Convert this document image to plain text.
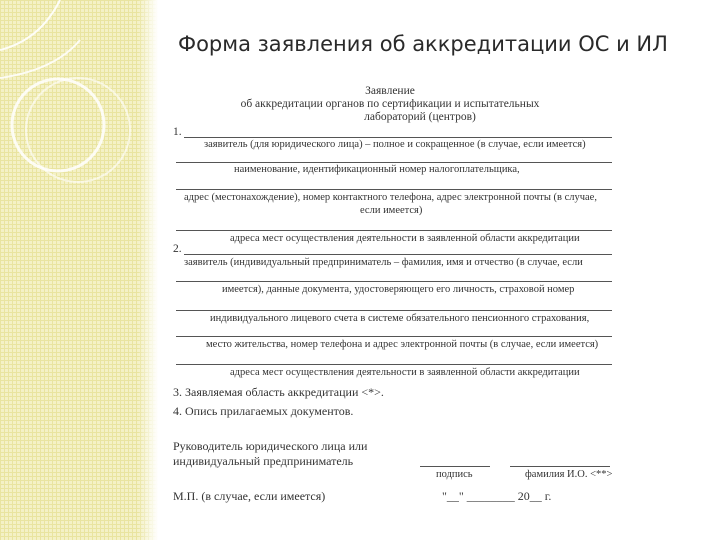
Форма заявления об аккредитации ОС и ИЛ
Заявление
об аккредитации органов по сертификации и испытательных
лабораторий (центров)
1.
заявитель (для юридического лица) – полное и сокращенное (в случае, если имеется)
наименование, идентификационный номер налогоплательщика,
адрес (местонахождение), номер контактного телефона, адрес электронной почты (в случае,
если имеется)
адреса мест осуществления деятельности в заявленной области аккредитации
2.
заявитель (индивидуальный предприниматель – фамилия, имя и отчество (в случае, если
имеется), данные документа, удостоверяющего его личность, страховой номер
индивидуального лицевого счета в системе обязательного пенсионного страхования,
место жительства, номер телефона и адрес электронной почты (в случае, если имеется)
адреса мест осуществления деятельности в заявленной области аккредитации
3. Заявляемая область аккредитации <*>.
4. Опись прилагаемых документов.
Руководитель юридического лица или
индивидуальный предприниматель
подпись	фамилия И.О. <**>
М.П. (в случае, если имеется)	"__" ________ 20__ г.
